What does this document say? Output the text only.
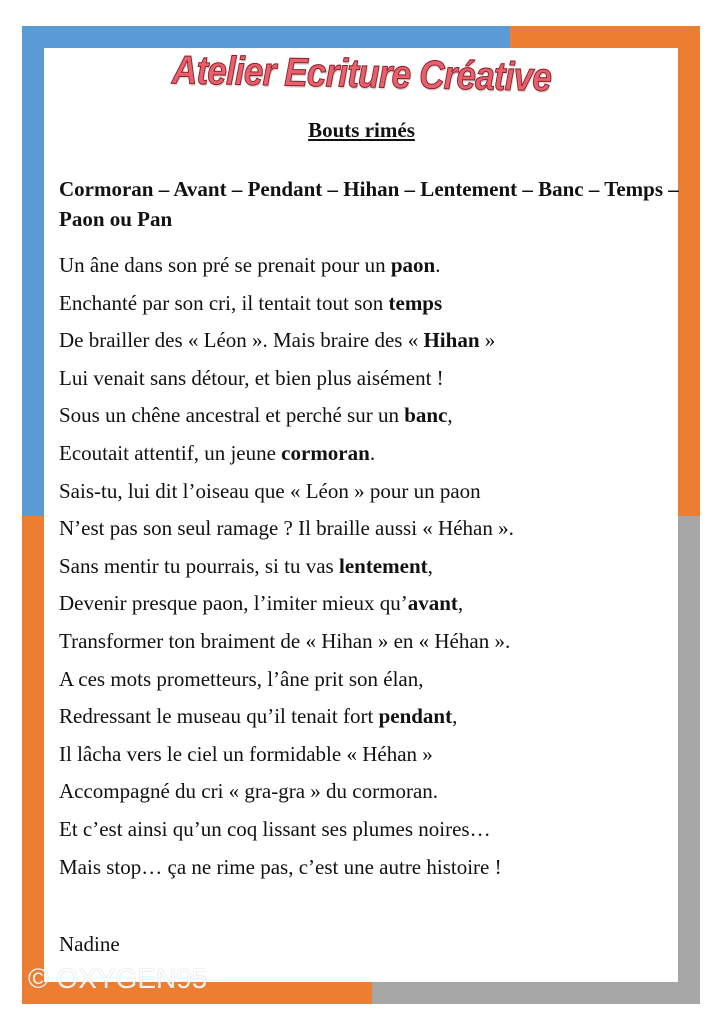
Atelier Ecriture Créative
Bouts rimés
Cormoran – Avant – Pendant – Hihan – Lentement – Banc – Temps – Paon ou Pan
Un âne dans son pré se prenait pour un paon.
Enchanté par son cri, il tentait tout son temps
De brailler des « Léon ». Mais braire des « Hihan »
Lui venait sans détour, et bien plus aisément !
Sous un chêne ancestral et perché sur un banc,
Ecoutait attentif, un jeune cormoran.
Sais-tu, lui dit l’oiseau que « Léon » pour un paon
N’est pas son seul ramage ? Il braille aussi « Héhan ».
Sans mentir tu pourrais, si tu vas lentement,
Devenir presque paon, l’imiter mieux qu’avant,
Transformer ton braiment de « Hihan » en « Héhan ».
A ces mots prometteurs, l’âne prit son élan,
Redressant le museau qu’il tenait fort pendant,
Il lâcha vers le ciel un formidable « Héhan »
Accompagné du cri « gra-gra » du cormoran.
Et c’est ainsi qu’un coq lissant ses plumes noires…
Mais stop… ça ne rime pas, c’est une autre histoire !
Nadine
© OXYGEN95
